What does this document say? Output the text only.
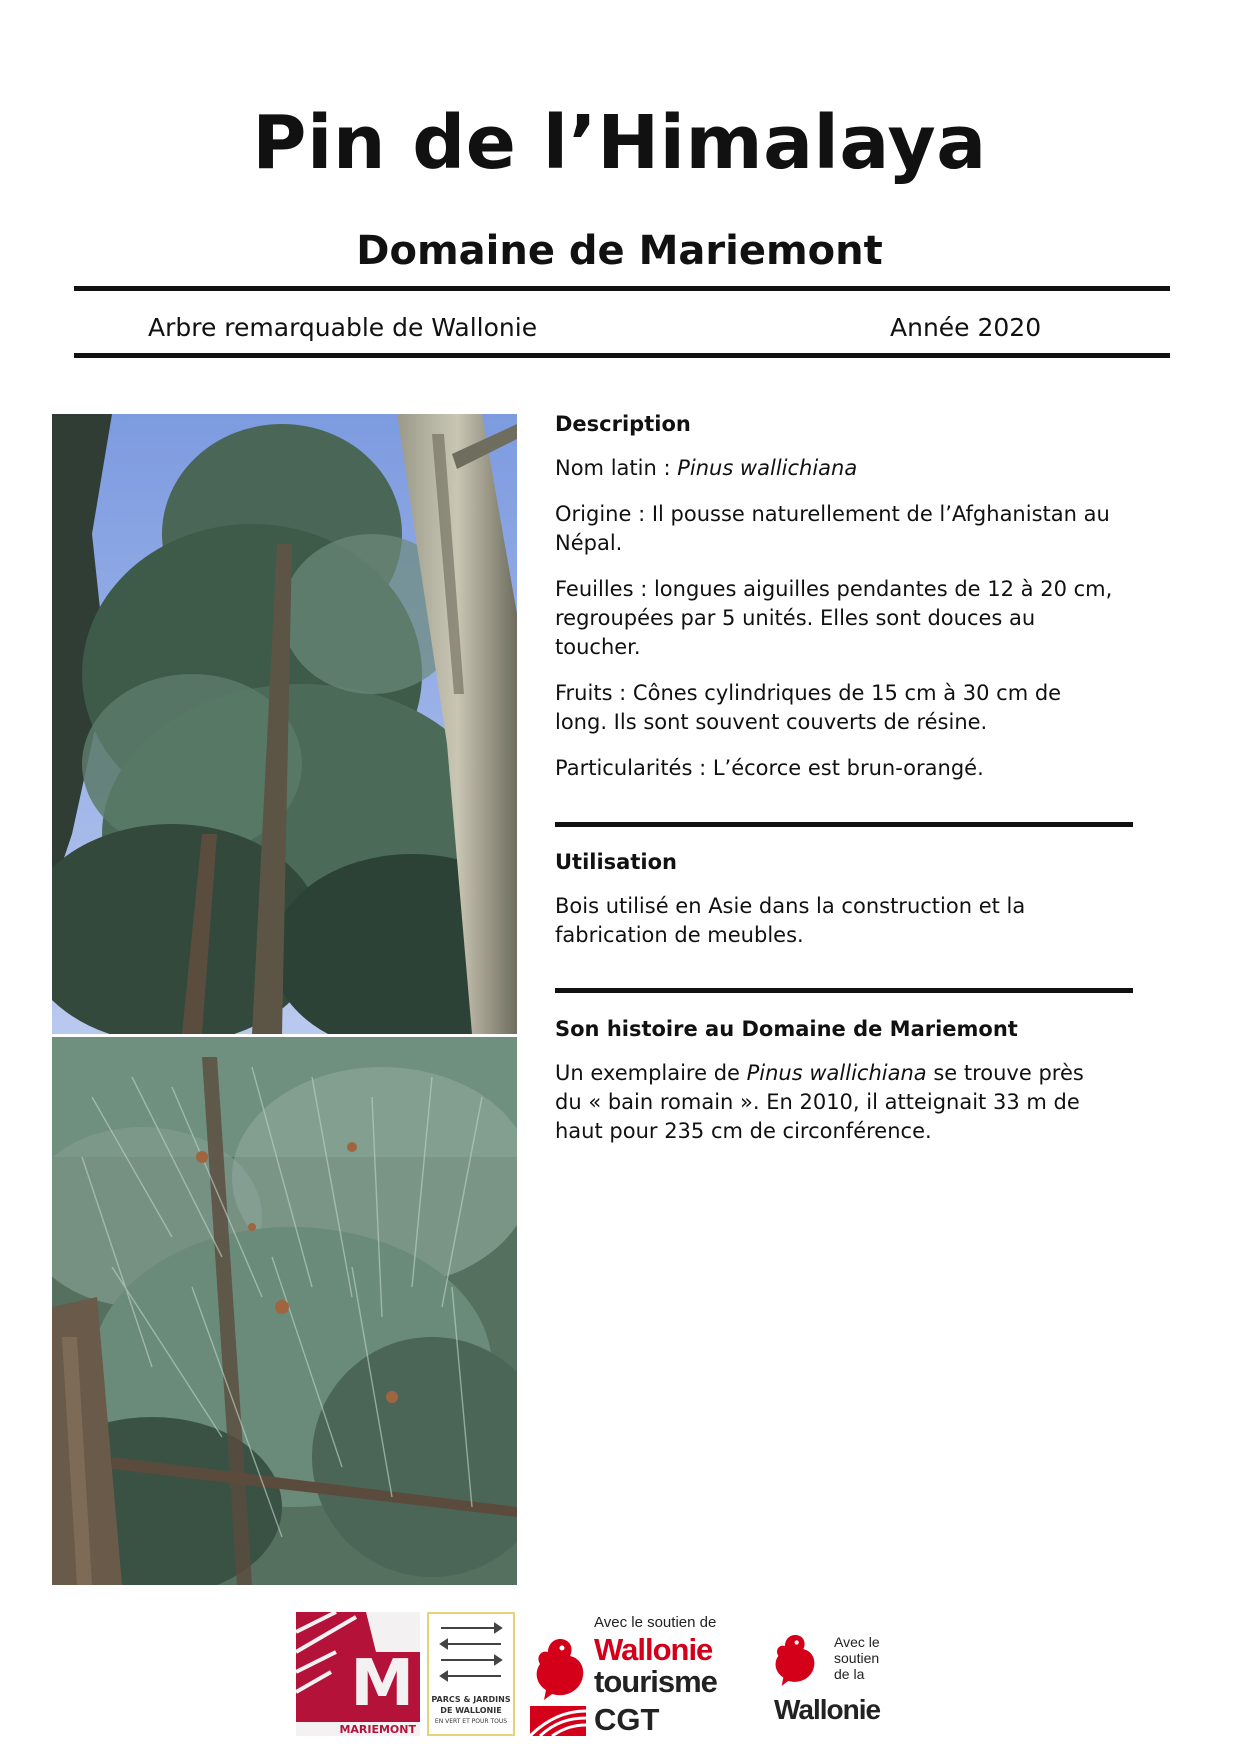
Pin de l’Himalaya
Domaine de Mariemont
Arbre remarquable de Wallonie	Année 2020
Description

Nom latin : Pinus wallichiana

Origine : Il pousse naturellement de l’Afghanistan au Népal.

Feuilles : longues aiguilles pendantes de 12 à 20 cm, regroupées par 5 unités. Elles sont douces au toucher.

Fruits : Cônes cylindriques de 15 cm à 30 cm de long. Ils sont souvent couverts de résine.

Particularités : L’écorce est brun-orangé.

Utilisation

Bois utilisé en Asie dans la construction et la fabrication de meubles.

Son histoire au Domaine de Mariemont

Un exemplaire de Pinus wallichiana se trouve près du « bain romain ». En 2010, il atteignait 33 m de haut pour 235 cm de circonférence.

M
MARIEMONT
PARCS & JARDINS
DE WALLONIE
EN VERT ET POUR TOUS
Avec le soutien de
Wallonie
tourisme
CGT
Avec le
soutien
de la
Wallonie
